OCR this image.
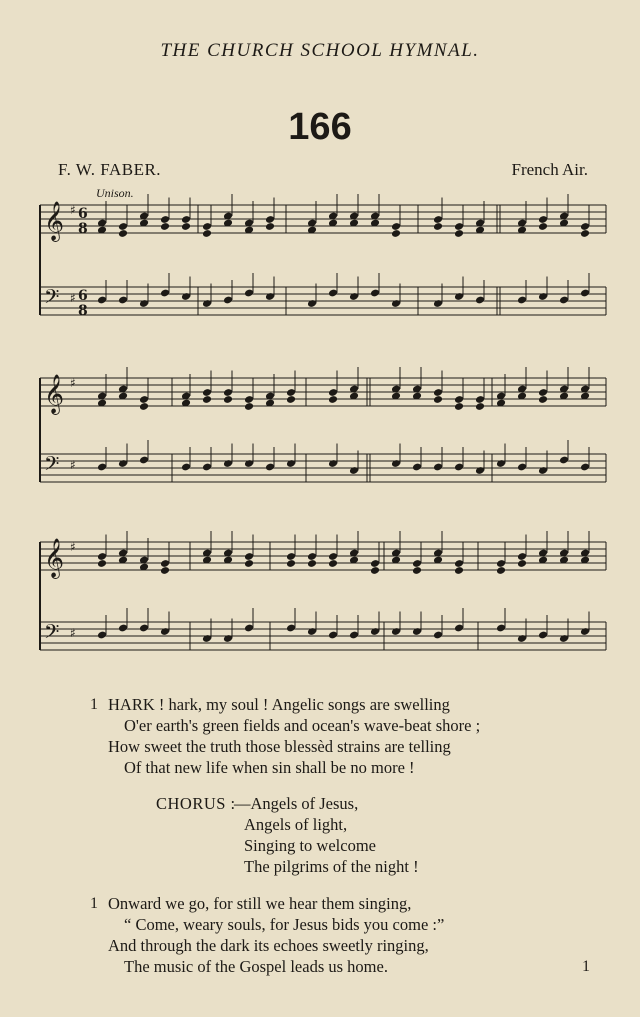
THE CHURCH SCHOOL HYMNAL.
166
F. W. FABER.	French Air.
Unison.
𝄞 ♯ 6
8
𝄢 ♯ 6
8
𝄞 ♯
𝄢 ♯
𝄞 ♯
𝄢 ♯
1 HARK ! hark, my soul ! Angelic songs are swelling
O'er earth's green fields and ocean's wave-beat shore ;
How sweet the truth those blessèd strains are telling
Of that new life when sin shall be no more !
CHORUS :
—Angels of Jesus,
Angels of light,
Singing to welcome
The pilgrims of the night !
1 Onward we go, for still we hear them singing,
“ Come, weary souls, for Jesus bids you come :”
And through the dark its echoes sweetly ringing,
The music of the Gospel leads us home.	1
